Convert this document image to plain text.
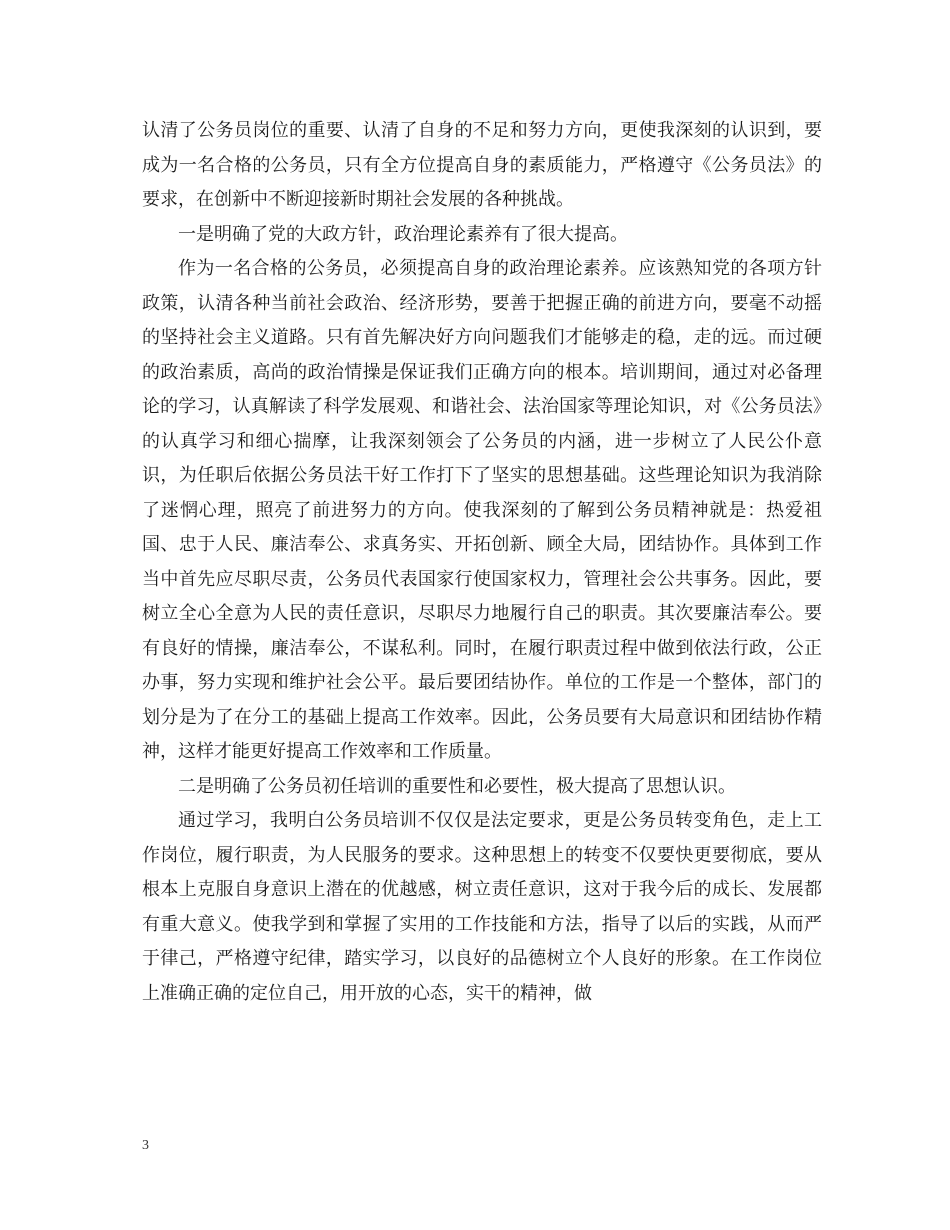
认清了公务员岗位的重要、认清了自身的不足和努力方向，更使我深刻的认识到，要成为一名合格的公务员，只有全方位提高自身的素质能力，严格遵守《公务员法》的要求，在创新中不断迎接新时期社会发展的各种挑战。

一是明确了党的大政方针，政治理论素养有了很大提高。

作为一名合格的公务员，必须提高自身的政治理论素养。应该熟知党的各项方针政策，认清各种当前社会政治、经济形势，要善于把握正确的前进方向，要毫不动摇的坚持社会主义道路。只有首先解决好方向问题我们才能够走的稳，走的远。而过硬的政治素质，高尚的政治情操是保证我们正确方向的根本。培训期间，通过对必备理论的学习，认真解读了科学发展观、和谐社会、法治国家等理论知识，对《公务员法》的认真学习和细心揣摩，让我深刻领会了公务员的内涵，进一步树立了人民公仆意识，为任职后依据公务员法干好工作打下了坚实的思想基础。这些理论知识为我消除了迷惘心理，照亮了前进努力的方向。使我深刻的了解到公务员精神就是：热爱祖国、忠于人民、廉洁奉公、求真务实、开拓创新、顾全大局，团结协作。具体到工作当中首先应尽职尽责，公务员代表国家行使国家权力，管理社会公共事务。因此，要树立全心全意为人民的责任意识，尽职尽力地履行自己的职责。其次要廉洁奉公。要有良好的情操，廉洁奉公，不谋私利。同时，在履行职责过程中做到依法行政，公正办事，努力实现和维护社会公平。最后要团结协作。单位的工作是一个整体，部门的划分是为了在分工的基础上提高工作效率。因此，公务员要有大局意识和团结协作精神，这样才能更好提高工作效率和工作质量。

二是明确了公务员初任培训的重要性和必要性，极大提高了思想认识。

通过学习，我明白公务员培训不仅仅是法定要求，更是公务员转变角色，走上工作岗位，履行职责，为人民服务的要求。这种思想上的转变不仅要快更要彻底，要从根本上克服自身意识上潜在的优越感，树立责任意识，这对于我今后的成长、发展都有重大意义。使我学到和掌握了实用的工作技能和方法，指导了以后的实践，从而严于律己，严格遵守纪律，踏实学习，以良好的品德树立个人良好的形象。在工作岗位上准确正确的定位自己，用开放的心态，实干的精神，做

3
